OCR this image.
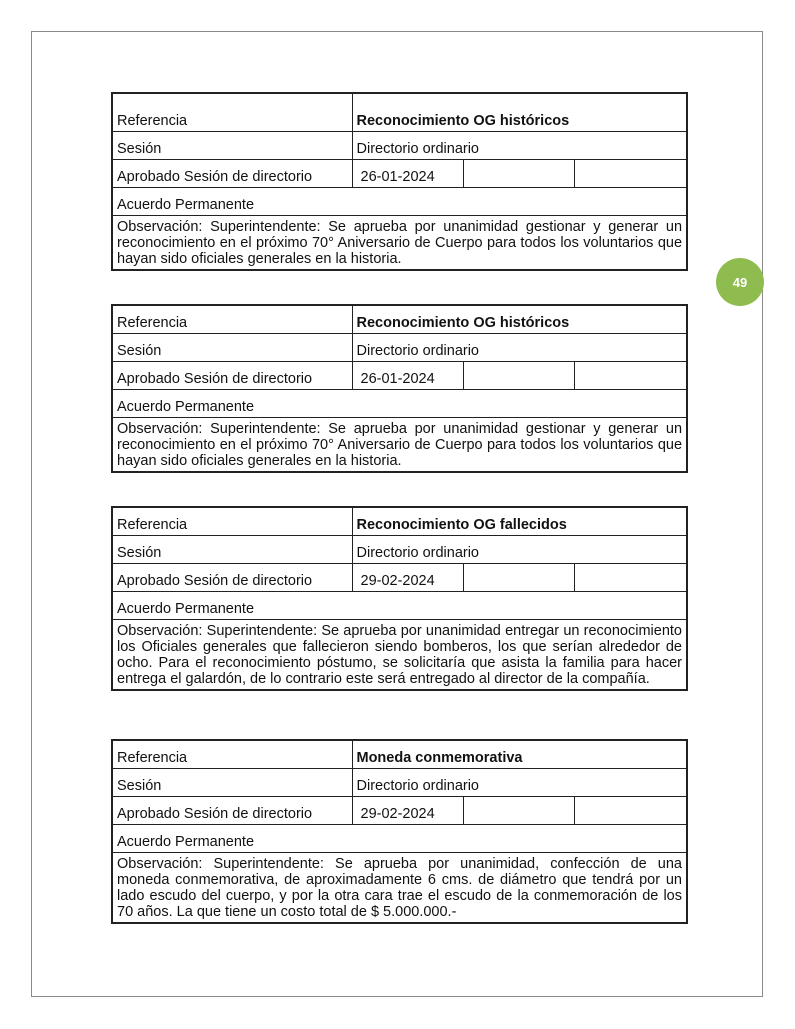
49
Referencia	Reconocimiento OG históricos		
Sesión	Directorio ordinario		
Aprobado Sesión de directorio	26-01-2024		
Acuerdo Permanente			
Observación: Superintendente: Se aprueba por unanimidad gestionar y generar un reconocimiento en el próximo 70° Aniversario de Cuerpo para todos los voluntarios que hayan sido oficiales generales en la historia.			
Referencia	Reconocimiento OG históricos		
Sesión	Directorio ordinario		
Aprobado Sesión de directorio	26-01-2024		
Acuerdo Permanente			
Observación: Superintendente: Se aprueba por unanimidad gestionar y generar un reconocimiento en el próximo 70° Aniversario de Cuerpo para todos los voluntarios que hayan sido oficiales generales en la historia.			
Referencia	Reconocimiento OG fallecidos		
Sesión	Directorio ordinario		
Aprobado Sesión de directorio	29-02-2024		
Acuerdo Permanente			
Observación: Superintendente: Se aprueba por unanimidad entregar un reconocimiento los Oficiales generales que fallecieron siendo bomberos, los que serían alrededor de ocho. Para el reconocimiento póstumo, se solicitaría que asista la familia para hacer entrega el galardón, de lo contrario este será entregado al director de la compañía.			
Referencia	Moneda conmemorativa		
Sesión	Directorio ordinario		
Aprobado Sesión de directorio	29-02-2024		
Acuerdo Permanente			
Observación: Superintendente: Se aprueba por unanimidad, confección de una moneda conmemorativa, de aproximadamente 6 cms. de diámetro que tendrá por un lado escudo del cuerpo, y por la otra cara trae el escudo de la conmemoración de los 70 años. La que tiene un costo total de $ 5.000.000.-			
